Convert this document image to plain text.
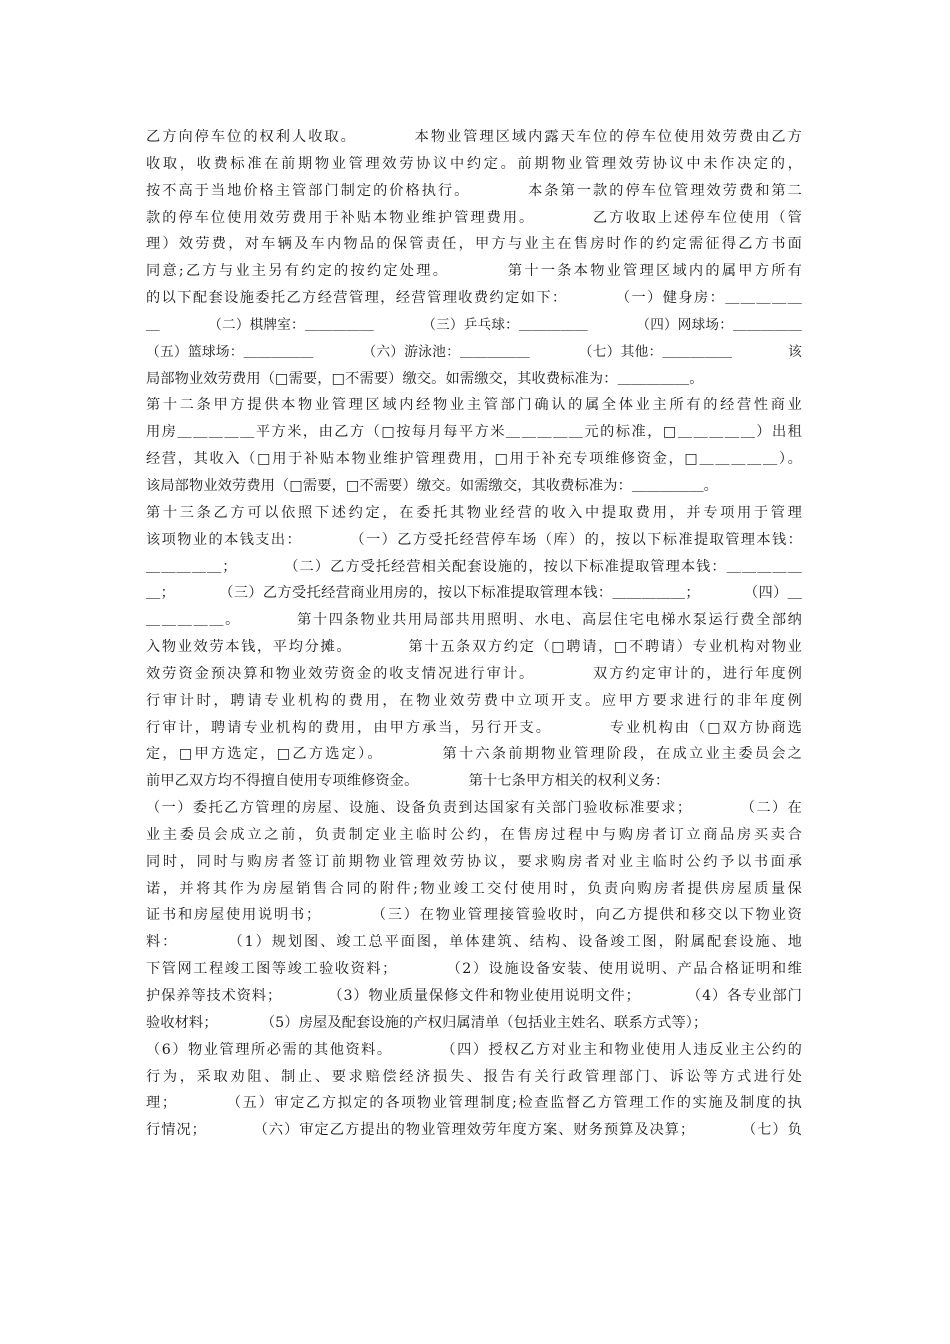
乙方向停车位的权利人收取。　　　　本物业管理区域内露天车位的停车位使用效劳费由乙方
收取，收费标准在前期物业管理效劳协议中约定。前期物业管理效劳协议中未作决定的，
按不高于当地价格主管部门制定的价格执行。　　　　本条第一款的停车位管理效劳费和第二
款的停车位使用效劳费用于补贴本物业维护管理费用。　　　　乙方收取上述停车位使用（管
理）效劳费，对车辆及车内物品的保管责任，甲方与业主在售房时作的约定需征得乙方书面
同意;乙方与业主另有约定的按约定处理。　　　　第十一条本物业管理区域内的属甲方所有
的以下配套设施委托乙方经营管理，经营管理收费约定如下：　　　　（一）健身房：＿＿＿＿＿
＿　　　　（二）棋牌室：＿＿＿＿＿　　　　（三）乒乓球：＿＿＿＿＿　　　　（四）网球场：＿＿＿＿＿
（五）篮球场：＿＿＿＿＿　　　　（六）游泳池：＿＿＿＿＿　　　　（七）其他：＿＿＿＿＿　　　　该
局部物业效劳费用（□需要，□不需要）缴交。如需缴交，其收费标准为：＿＿＿＿＿。
第十二条甲方提供本物业管理区域内经物业主管部门确认的属全体业主所有的经营性商业
用房＿＿＿＿＿平方米，由乙方（□按每月每平方米＿＿＿＿＿元的标准，□＿＿＿＿＿）出租
经营，其收入（□用于补贴本物业维护管理费用，□用于补充专项维修资金，□＿＿＿＿＿）。
该局部物业效劳费用（□需要，□不需要）缴交。如需缴交，其收费标准为：＿＿＿＿＿。
第十三条乙方可以依照下述约定，在委托其物业经营的收入中提取费用，并专项用于管理
该项物业的本钱支出：　　　　（一）乙方受托经营停车场（库）的，按以下标准提取管理本钱：
＿＿＿＿＿；　　　　（二）乙方受托经营相关配套设施的，按以下标准提取管理本钱：＿＿＿＿＿
＿；　　　　（三）乙方受托经营商业用房的，按以下标准提取管理本钱：＿＿＿＿＿；　　　　（四）＿
＿＿＿＿＿。　　　　第十四条物业共用局部共用照明、水电、高层住宅电梯水泵运行费全部纳
入物业效劳本钱，平均分摊。　　　　第十五条双方约定（□聘请，□不聘请）专业机构对物业
效劳资金预决算和物业效劳资金的收支情况进行审计。　　　　双方约定审计的，进行年度例
行审计时，聘请专业机构的费用，在物业效劳费中立项开支。应甲方要求进行的非年度例
行审计，聘请专业机构的费用，由甲方承当，另行开支。　　　　专业机构由（□双方协商选
定，□甲方选定，□乙方选定）。　　　　第十六条前期物业管理阶段，在成立业主委员会之
前甲乙双方均不得擅自使用专项维修资金。　　　　第十七条甲方相关的权利义务：
（一）委托乙方管理的房屋、设施、设备负责到达国家有关部门验收标准要求；　　　　（二）在
业主委员会成立之前，负责制定业主临时公约，在售房过程中与购房者订立商品房买卖合
同时，同时与购房者签订前期物业管理效劳协议，要求购房者对业主临时公约予以书面承
诺，并将其作为房屋销售合同的附件;物业竣工交付使用时，负责向购房者提供房屋质量保
证书和房屋使用说明书；　　　　（三）在物业管理接管验收时，向乙方提供和移交以下物业资
料：　　　　（1）规划图、竣工总平面图，单体建筑、结构、设备竣工图，附属配套设施、地
下管网工程竣工图等竣工验收资料；　　　　（2）设施设备安装、使用说明、产品合格证明和维
护保养等技术资料；　　　　（3）物业质量保修文件和物业使用说明文件；　　　　（4）各专业部门
验收材料；　　　　（5）房屋及配套设施的产权归属清单（包括业主姓名、联系方式等）；
（6）物业管理所必需的其他资料。　　　　（四）授权乙方对业主和物业使用人违反业主公约的
行为，采取劝阻、制止、要求赔偿经济损失、报告有关行政管理部门、诉讼等方式进行处
理；　　　　（五）审定乙方拟定的各项物业管理制度;检查监督乙方管理工作的实施及制度的执
行情况；　　　　（六）审定乙方提出的物业管理效劳年度方案、财务预算及决算；　　　　（七）负
